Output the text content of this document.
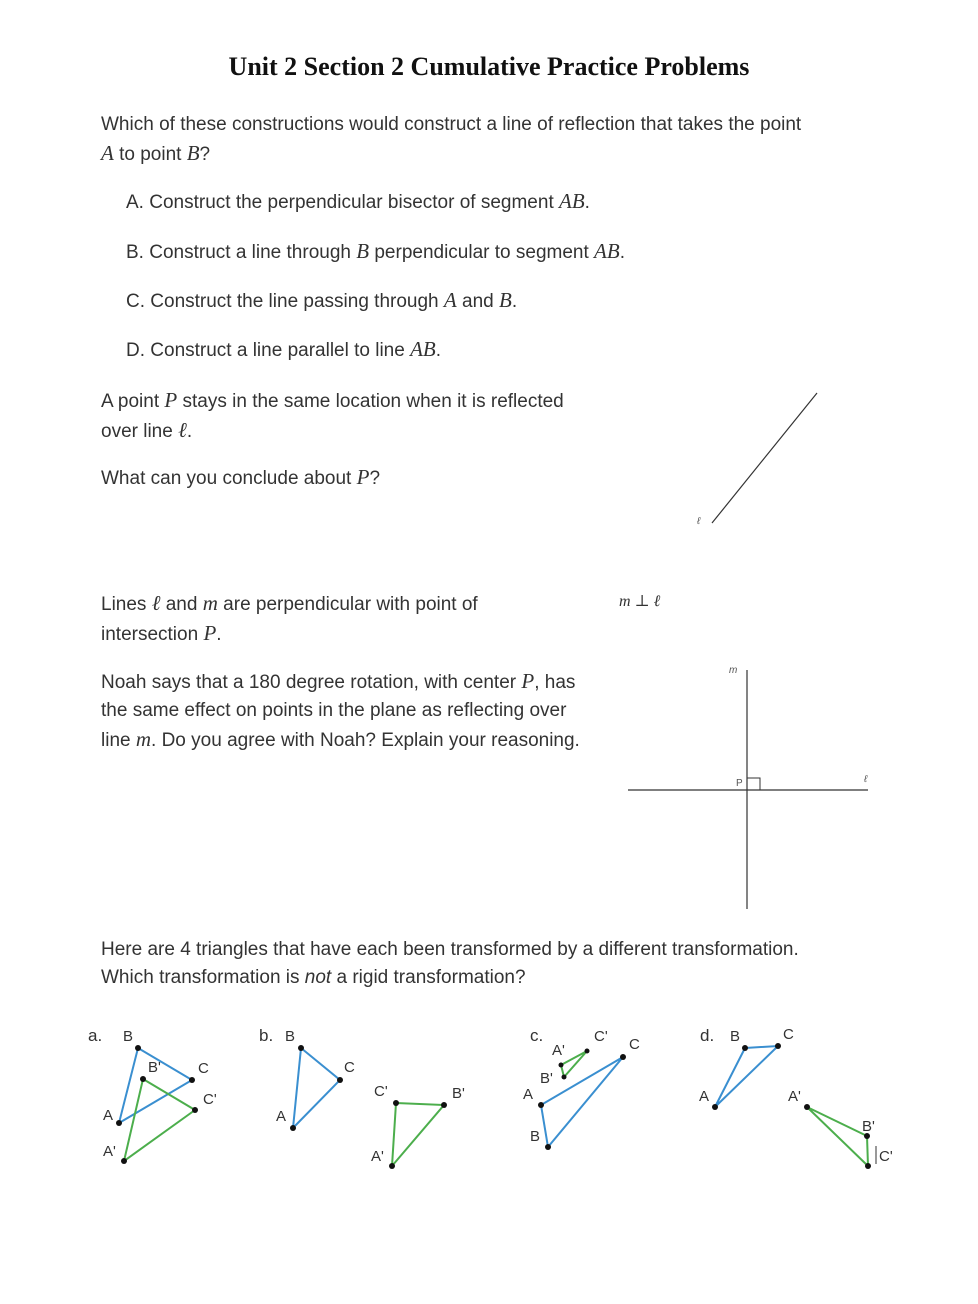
Unit 2 Section 2 Cumulative Practice Problems

Which of these constructions would construct a line of reflection that takes the point
A to point B?

A. Construct the perpendicular bisector of segment AB.

B. Construct a line through B perpendicular to segment AB.

C. Construct the line passing through A and B.

D. Construct a line parallel to line AB.

A point P stays in the same location when it is reflected
over line ℓ.

What can you conclude about P?

ℓ

Lines ℓ and m are perpendicular with point of
intersection P.

m ⊥ ℓ

Noah says that a 180 degree rotation, with center P, has
the same effect on points in the plane as reflecting over
line m. Do you agree with Noah? Explain your reasoning.

m
P	ℓ

Here are 4 triangles that have each been transformed by a different transformation.
Which transformation is not a rigid transformation?

a. B
B' C
C'
A
A'
b. B
C
A
C'	B'
A'
c.
A'
C' C
B'
A
B
d. B	C
A	A'
B'
C'
